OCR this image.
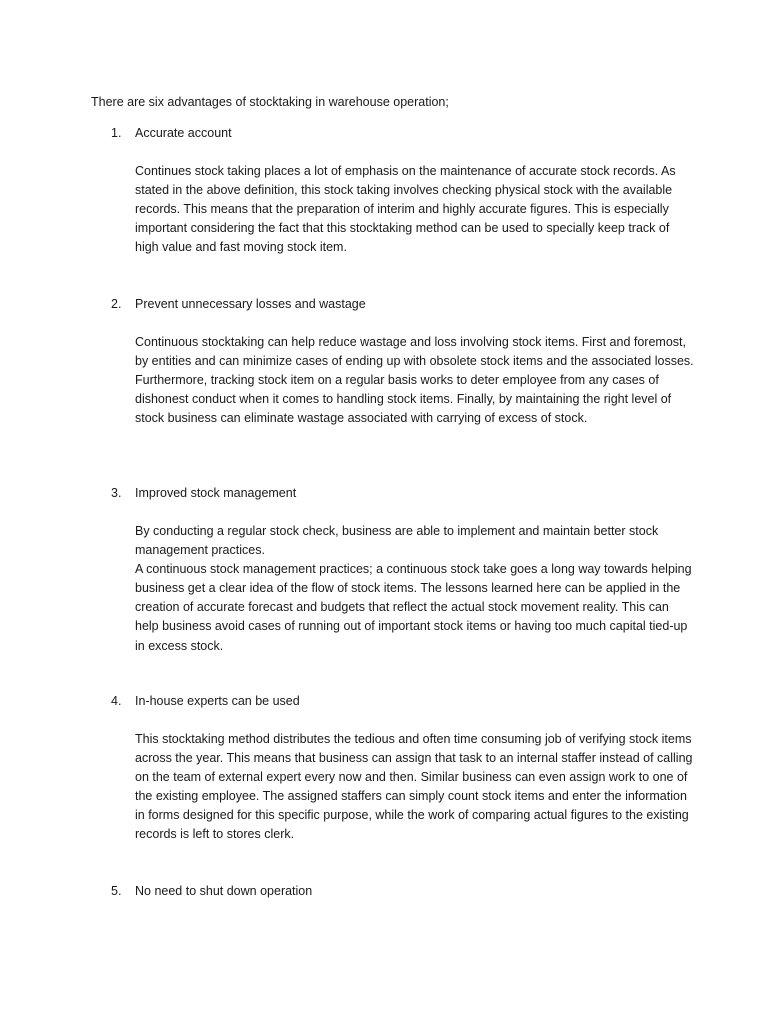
There are six advantages of stocktaking in warehouse operation;
1.	Accurate account

Continues stock taking places a lot of emphasis on the maintenance of accurate stock records. As stated in the above definition, this stock taking involves checking physical stock with the available records. This means that the preparation of interim and highly accurate figures. This is especially important considering the fact that this stocktaking method can be used to specially keep track of high value and fast moving stock item.

2.	Prevent unnecessary losses and wastage

Continuous stocktaking can help reduce wastage and loss involving stock items. First and foremost, by entities and can minimize cases of ending up with obsolete stock items and the associated losses. Furthermore, tracking stock item on a regular basis works to deter employee from any cases of dishonest conduct when it comes to handling stock items. Finally, by maintaining the right level of stock business can eliminate wastage associated with carrying of excess of stock.

3.	Improved stock management

By conducting a regular stock check, business are able to implement and maintain better stock management practices.

A continuous stock management practices; a continuous stock take goes a long way towards helping business get a clear idea of the flow of stock items. The lessons learned here can be applied in the creation of accurate forecast and budgets that reflect the actual stock movement reality. This can help business avoid cases of running out of important stock items or having too much capital tied-up in excess stock.

4.	In-house experts can be used

This stocktaking method distributes the tedious and often time consuming job of verifying stock items across the year. This means that business can assign that task to an internal staffer instead of calling on the team of external expert every now and then. Similar business can even assign work to one of the existing employee. The assigned staffers can simply count stock items and enter the information in forms designed for this specific purpose, while the work of comparing actual figures to the existing records is left to stores clerk.

5.	No need to shut down operation
